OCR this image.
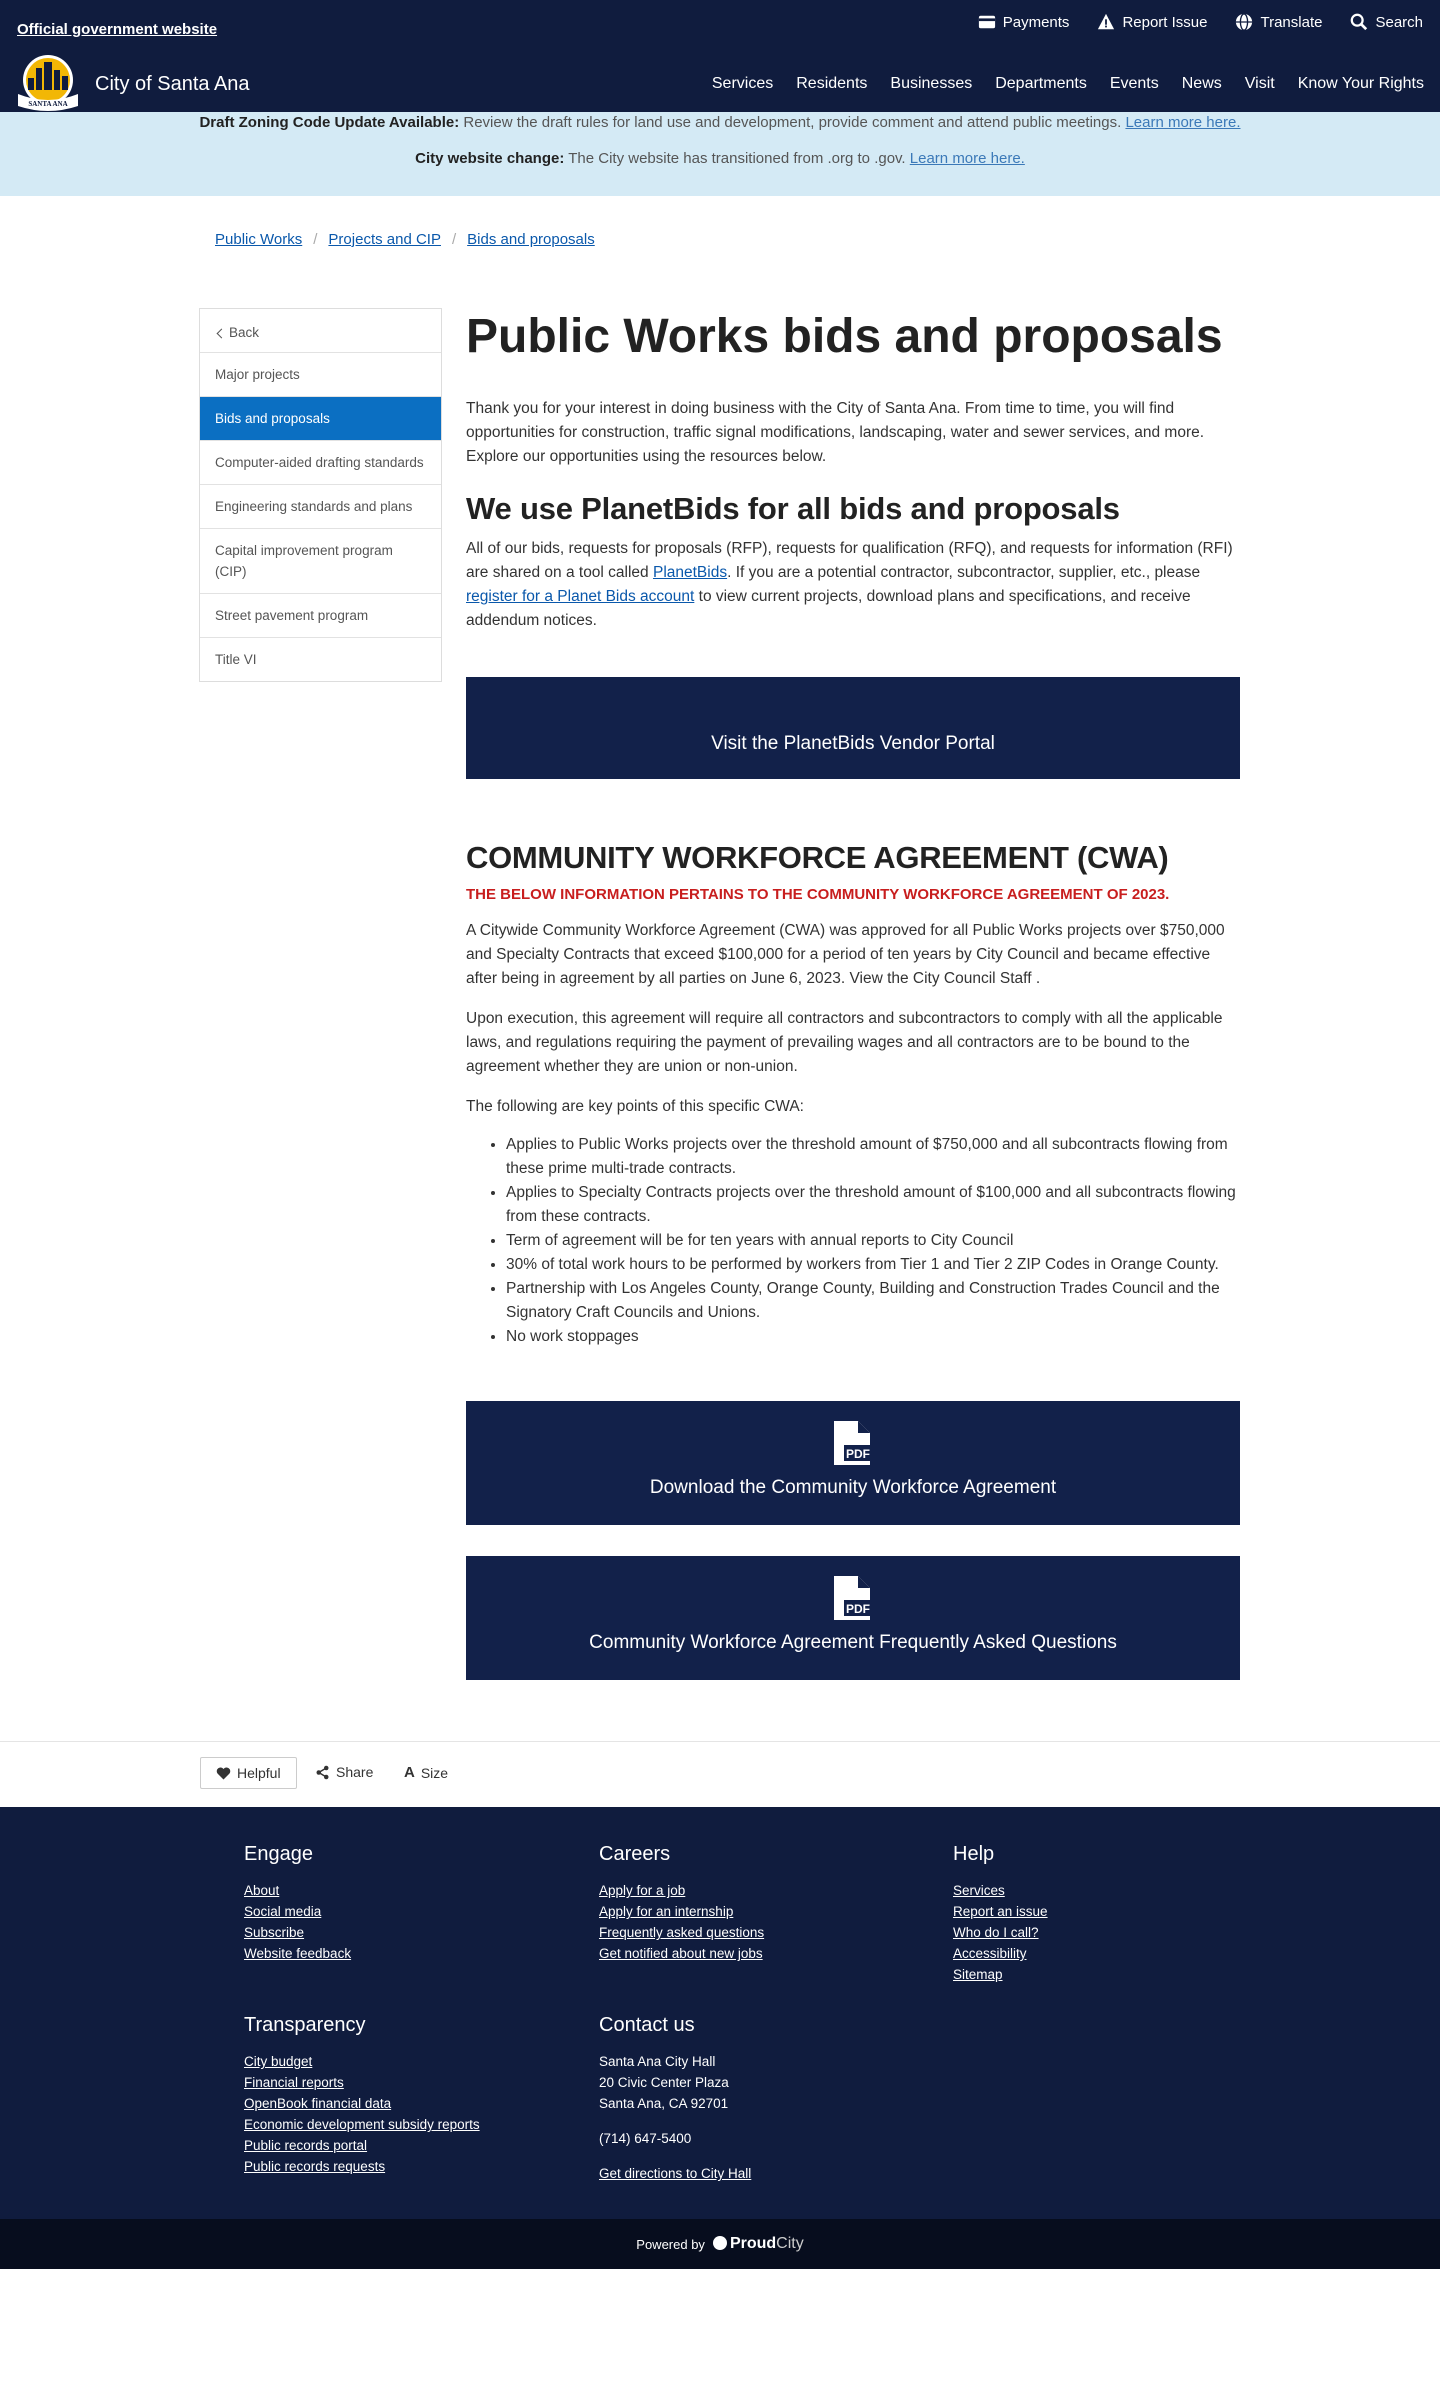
Official government website	Payments	Report Issue	Translate	Search
SANTA ANA
City of Santa Ana	Services	Residents	Businesses	Departments	Events	News	Visit	Know Your Rights
Draft Zoning Code Update Available: Review the draft rules for land use and development, provide comment and attend public meetings. Learn more here.
City website change: The City website has transitioned from .org to .gov. Learn more here.
Public Works / Projects and CIP / Bids and proposals
Back
Major projects
Bids and proposals
Computer-aided drafting standards
Engineering standards and plans
Capital improvement program (CIP)
Street pavement program
Title VI
Public Works bids and proposals

Thank you for your interest in doing business with the City of Santa Ana. From time to time, you will find opportunities for construction, traffic signal modifications, landscaping, water and sewer services, and more. Explore our opportunities using the resources below.

We use PlanetBids for all bids and proposals

All of our bids, requests for proposals (RFP), requests for qualification (RFQ), and requests for information (RFI) are shared on a tool called PlanetBids. If you are a potential contractor, subcontractor, supplier, etc., please register for a Planet Bids account to view current projects, download plans and specifications, and receive addendum notices.

Visit the PlanetBids Vendor Portal
COMMUNITY WORKFORCE AGREEMENT (CWA)

THE BELOW INFORMATION PERTAINS TO THE COMMUNITY WORKFORCE AGREEMENT OF 2023.

A Citywide Community Workforce Agreement (CWA) was approved for all Public Works projects over $750,000 and Specialty Contracts that exceed $100,000 for a period of ten years by City Council and became effective after being in agreement by all parties on June 6, 2023. View the City Council Staff .

Upon execution, this agreement will require all contractors and subcontractors to comply with all the applicable laws, and regulations requiring the payment of prevailing wages and all contractors are to be bound to the agreement whether they are union or non-union.

The following are key points of this specific CWA:

• Applies to Public Works projects over the threshold amount of $750,000 and all subcontracts flowing from these prime multi-trade contracts.
• Applies to Specialty Contracts projects over the threshold amount of $100,000 and all subcontracts flowing from these contracts.
• Term of agreement will be for ten years with annual reports to City Council
• 30% of total work hours to be performed by workers from Tier 1 and Tier 2 ZIP Codes in Orange County.
• Partnership with Los Angeles County, Orange County, Building and Construction Trades Council and the Signatory Craft Councils and Unions.
• No work stoppages
PDF
Download the Community Workforce Agreement
PDF
Community Workforce Agreement Frequently Asked Questions
Helpful	Share A Size
Engage
About
Social media
Subscribe
Website feedback
Careers
Apply for a job
Apply for an internship
Frequently asked questions
Get notified about new jobs
Help
Services
Report an issue
Who do I call?
Accessibility
Sitemap
Transparency
City budget
Financial reports
OpenBook financial data
Economic development subsidy reports
Public records portal
Public records requests
Contact us
Santa Ana City Hall
20 Civic Center Plaza
Santa Ana, CA 92701
(714) 647-5400
Get directions to City Hall
Powered by	ProudCity
